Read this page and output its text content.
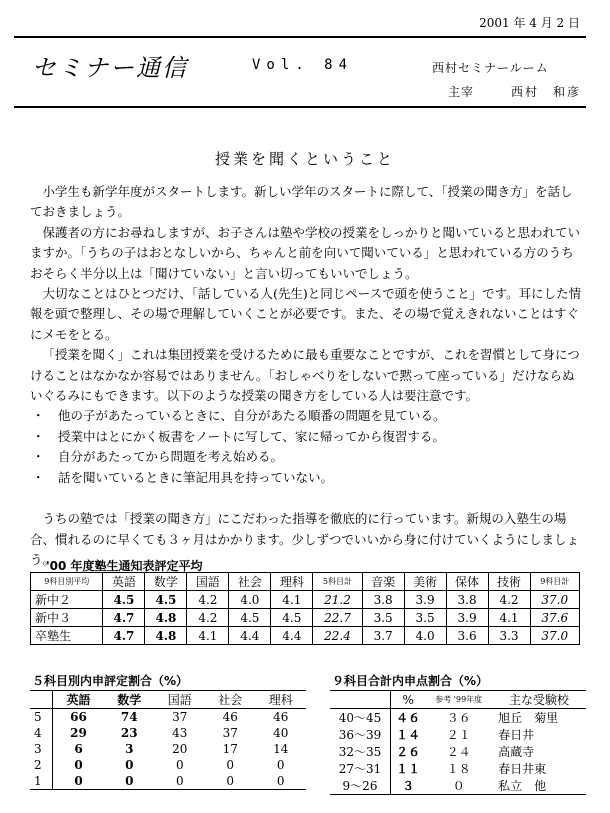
2001 年 4 月 2 日
セミナー通信	Vol. 84	西村セミナールーム
主宰	西村　和彦
授業を聞くということ

小学生も新学年度がスタートします。新しい学年のスタートに際して、「授業の聞き方」を話しておきましょう。

保護者の方にお尋ねしますが、お子さんは塾や学校の授業をしっかりと聞いていると思われていますか。「うちの子はおとなしいから、ちゃんと前を向いて聞いている」と思われている方のうちおそらく半分以上は「聞けていない」と言い切ってもいいでしょう。

大切なことはひとつだけ、「話している人(先生)と同じペースで頭を使うこと」です。耳にした情報を頭で整理し、その場で理解していくことが必要です。また、その場で覚えきれないことはすぐにメモをとる。

「授業を聞く」これは集団授業を受けるために最も重要なことですが、これを習慣として身につけることはなかなか容易ではありません。「おしゃべりをしないで黙って座っている」だけならぬいぐるみにもできます。以下のような授業の聞き方をしている人は要注意です。

・ 他の子があたっているときに、自分があたる順番の問題を見ている。
・ 授業中はとにかく板書をノートに写して、家に帰ってから復習する。
・ 自分があたってから問題を考え始める。
・ 話を聞いているときに筆記用具を持っていない。

うちの塾では「授業の聞き方」にこだわった指導を徹底的に行っています。新規の入塾生の場合、慣れるのに早くても３ヶ月はかかります。少しずつでいいから身に付けていくようにしましょう。

'00 年度塾生通知表評定平均
9科目別平均	英語	数学	国語	社会	理科	5科目計	音楽	美術	保体	技術	9科目計
新中２	4.5	4.5	4.2	4.0	4.1	21.2	3.8	3.9	3.8	4.2	37.0
新中３	4.7	4.8	4.2	4.5	4.5	22.7	3.5	3.5	3.9	4.1	37.6
卒塾生	4.7	4.8	4.1	4.4	4.4	22.4	3.7	4.0	3.6	3.3	37.0
５科目別内申評定割合（%）
	英語	数学	国語	社会	理科
5	66	74	37	46	46
4	29	23	43	37	40
3	6	3	20	17	14
2	0	0	0	0	0
1	0	0	0	0	0
９科目合計内申点割合（%）
	%	参考 '99年度	主な受験校
40～45	４６	３６	旭丘　菊里
36～39	１４	２１	春日井
32～35	２６	２４	高蔵寺
27～31	１１	１８	春日井東
9～26	３	０	私立　他
